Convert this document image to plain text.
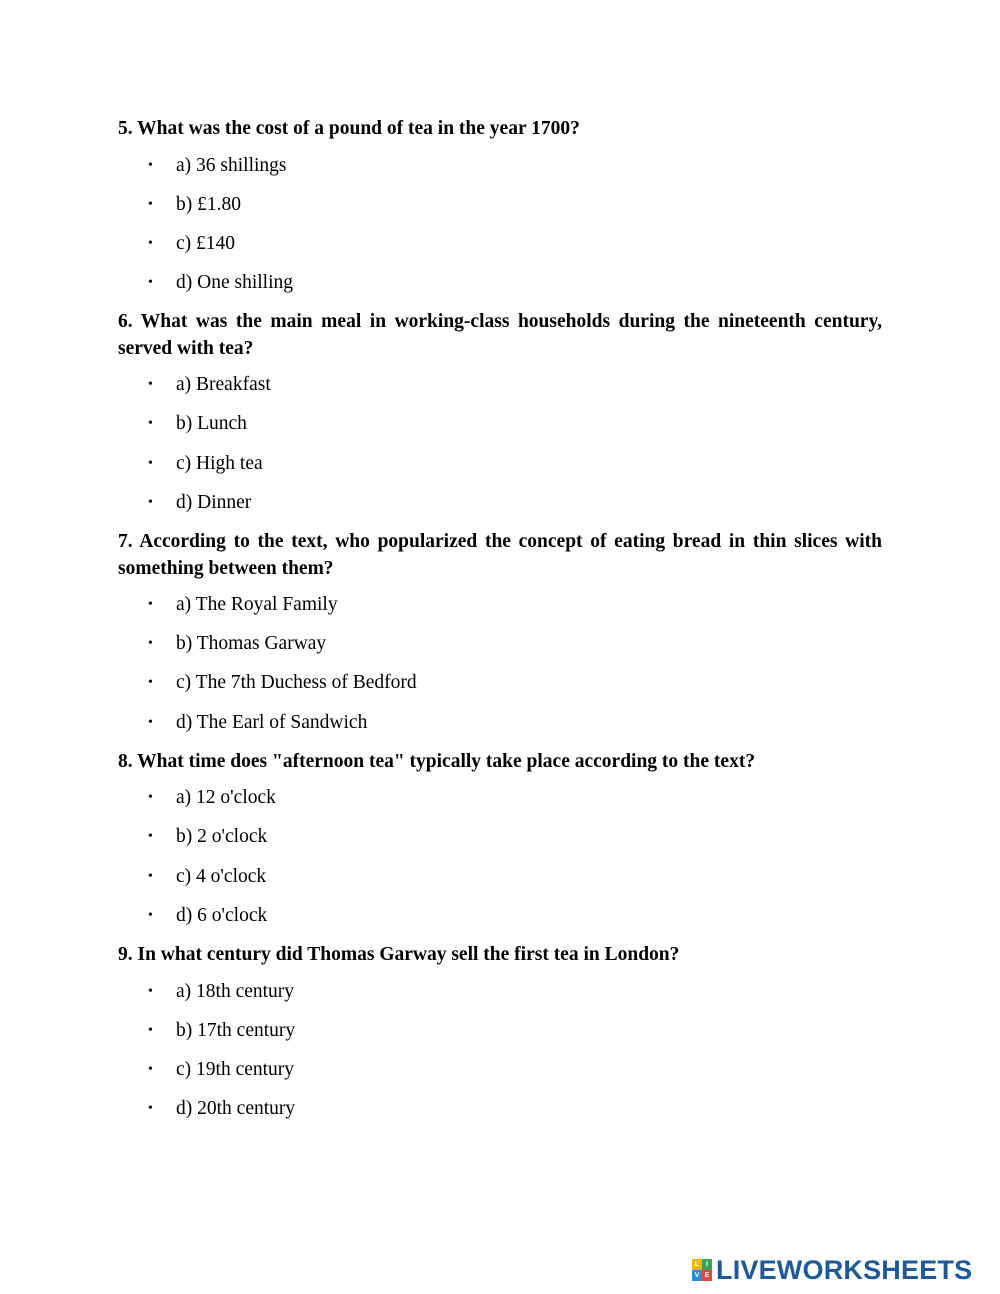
5. What was the cost of a pound of tea in the year 1700?

• a) 36 shillings
• b) £1.80
• c) £140
• d) One shilling

6. What was the main meal in working-class households during the nineteenth century, served with tea?

• a) Breakfast
• b) Lunch
• c) High tea
• d) Dinner

7. According to the text, who popularized the concept of eating bread in thin slices with something between them?

• a) The Royal Family
• b) Thomas Garway
• c) The 7th Duchess of Bedford
• d) The Earl of Sandwich

8. What time does "afternoon tea" typically take place according to the text?

• a) 12 o'clock
• b) 2 o'clock
• c) 4 o'clock
• d) 6 o'clock

9. In what century did Thomas Garway sell the first tea in London?

• a) 18th century
• b) 17th century
• c) 19th century
• d) 20th century
L I
V E LIVEWORKSHEETS
